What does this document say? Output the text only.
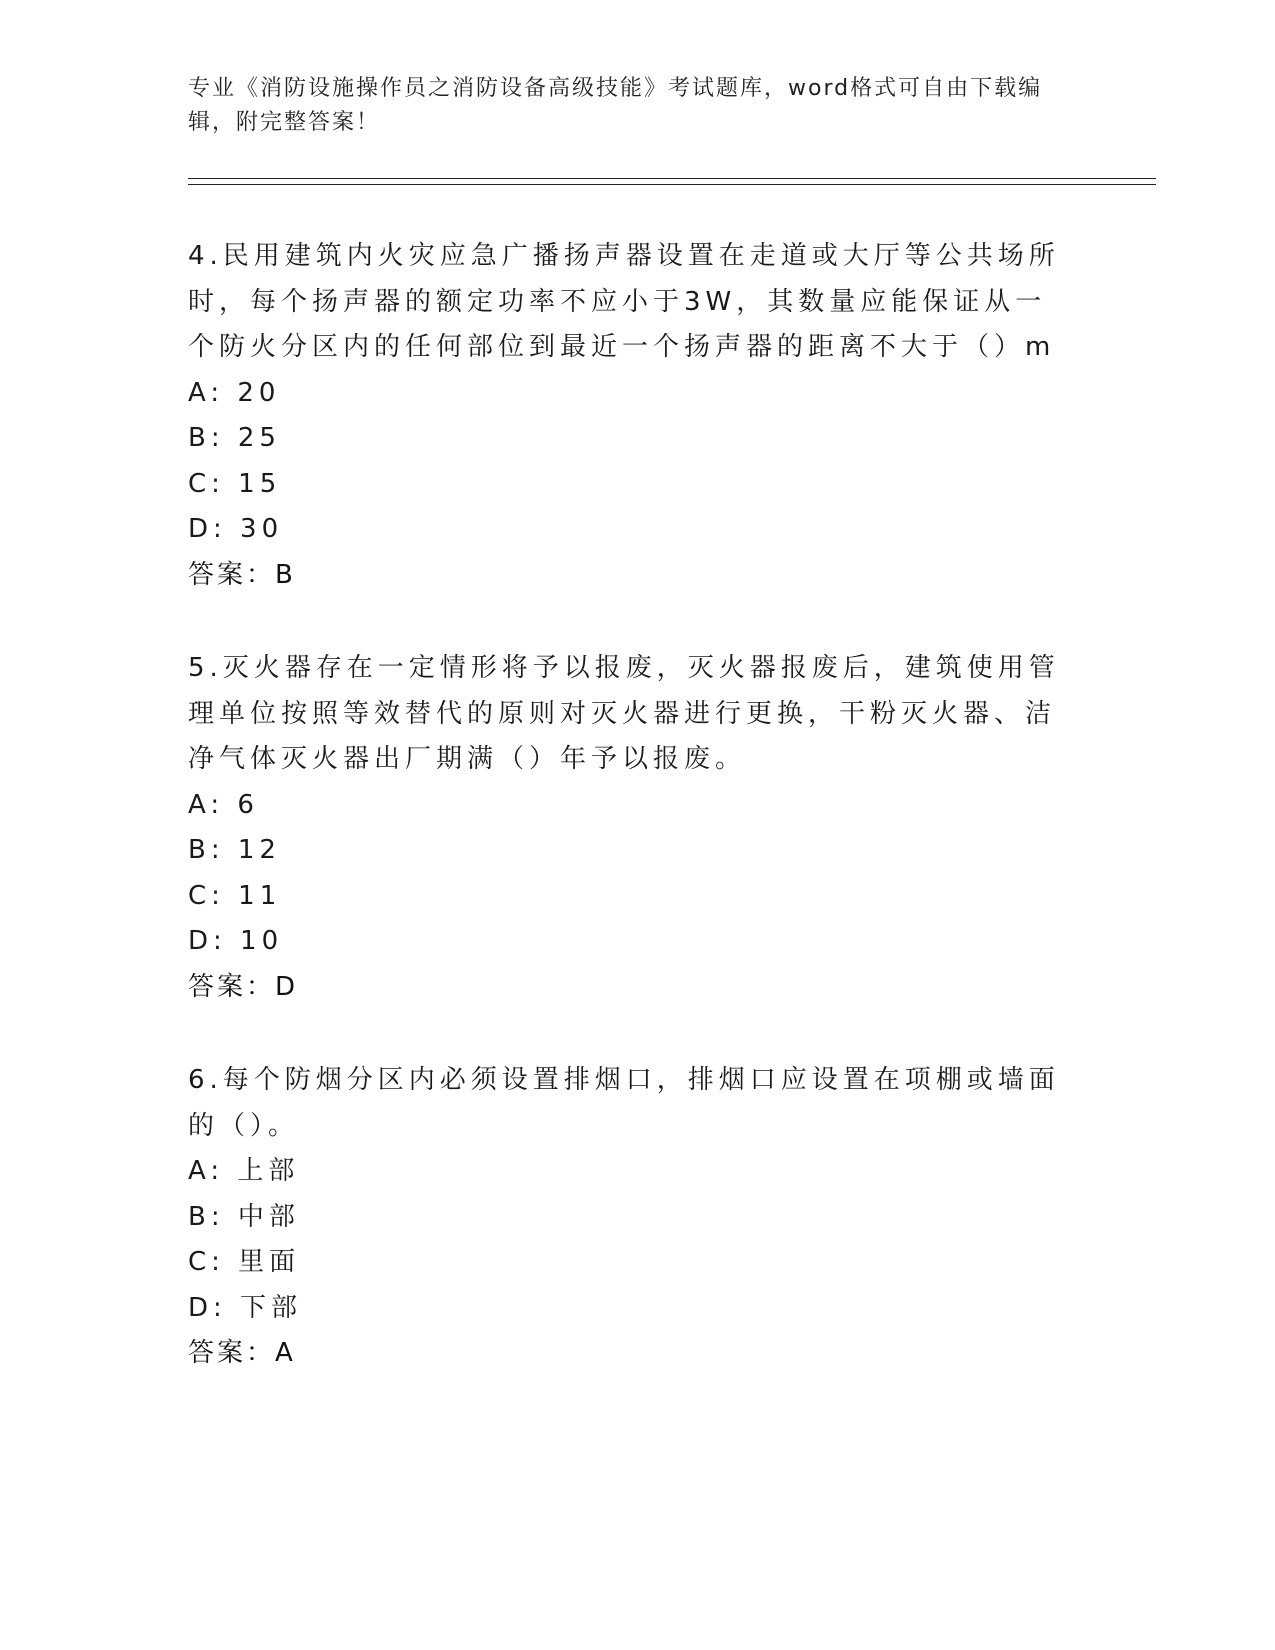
专业《消防设施操作员之消防设备高级技能》考试题库，word格式可自由下载编辑，附完整答案！

4.民用建筑内火灾应急广播扬声器设置在走道或大厅等公共场所时，每个扬声器的额定功率不应小于3W，其数量应能保证从一个防火分区内的任何部位到最近一个扬声器的距离不大于（）m

A: 20

B: 25

C: 15

D: 30

答案：B

5.灭火器存在一定情形将予以报废，灭火器报废后，建筑使用管理单位按照等效替代的原则对灭火器进行更换，干粉灭火器、洁净气体灭火器出厂期满（）年予以报废。

A: 6

B: 12

C: 11

D: 10

答案：D

6.每个防烟分区内必须设置排烟口，排烟口应设置在项棚或墙面的（）。

A: 上部

B: 中部

C: 里面

D: 下部

答案：A
